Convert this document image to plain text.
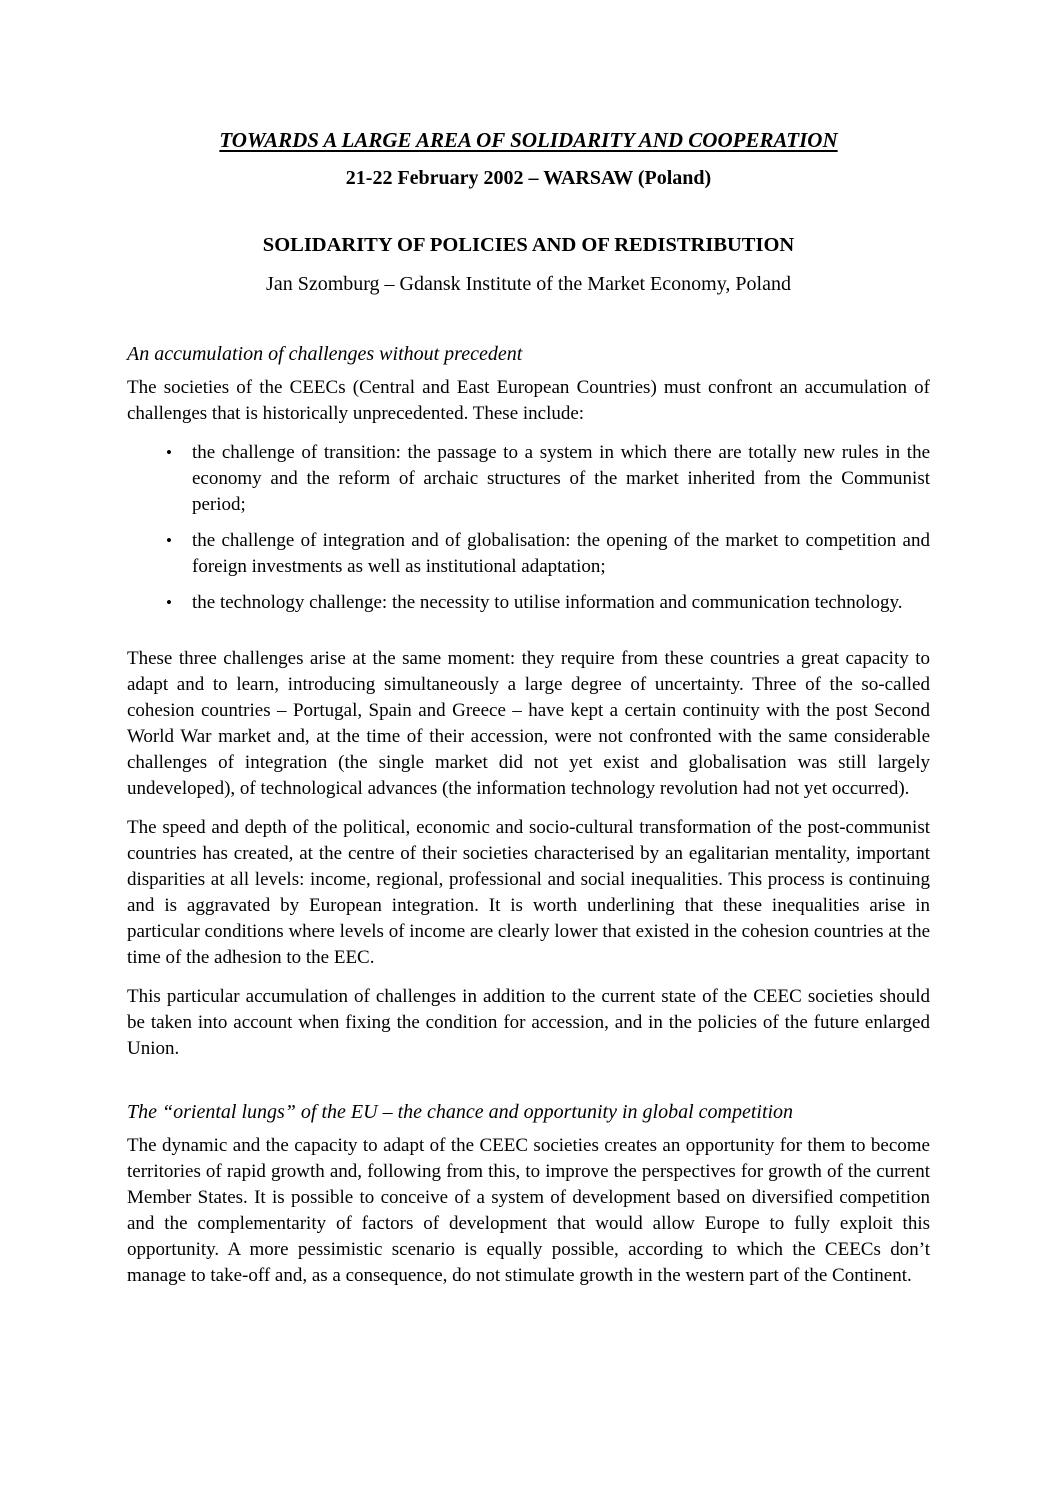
TOWARDS A LARGE AREA OF SOLIDARITY AND COOPERATION
21-22 February 2002 – WARSAW (Poland)
SOLIDARITY OF POLICIES AND OF REDISTRIBUTION
Jan Szomburg – Gdansk Institute of the Market Economy, Poland
An accumulation of challenges without precedent

The societies of the CEECs (Central and East European Countries) must confront an accumulation of challenges that is historically unprecedented. These include:

• the challenge of transition: the passage to a system in which there are totally new rules in the economy and the reform of archaic structures of the market inherited from the Communist period;
• the challenge of integration and of globalisation: the opening of the market to competition and foreign investments as well as institutional adaptation;
• the technology challenge: the necessity to utilise information and communication technology.

These three challenges arise at the same moment: they require from these countries a great capacity to adapt and to learn, introducing simultaneously a large degree of uncertainty. Three of the so-called cohesion countries – Portugal, Spain and Greece – have kept a certain continuity with the post Second World War market and, at the time of their accession, were not confronted with the same considerable challenges of integration (the single market did not yet exist and globalisation was still largely undeveloped), of technological advances (the information technology revolution had not yet occurred).

The speed and depth of the political, economic and socio-cultural transformation of the post-communist countries has created, at the centre of their societies characterised by an egalitarian mentality, important disparities at all levels: income, regional, professional and social inequalities. This process is continuing and is aggravated by European integration. It is worth underlining that these inequalities arise in particular conditions where levels of income are clearly lower that existed in the cohesion countries at the time of the adhesion to the EEC.

This particular accumulation of challenges in addition to the current state of the CEEC societies should be taken into account when fixing the condition for accession, and in the policies of the future enlarged Union.

The “oriental lungs” of the EU – the chance and opportunity in global competition

The dynamic and the capacity to adapt of the CEEC societies creates an opportunity for them to become territories of rapid growth and, following from this, to improve the perspectives for growth of the current Member States. It is possible to conceive of a system of development based on diversified competition and the complementarity of factors of development that would allow Europe to fully exploit this opportunity. A more pessimistic scenario is equally possible, according to which the CEECs don’t manage to take-off and, as a consequence, do not stimulate growth in the western part of the Continent.
